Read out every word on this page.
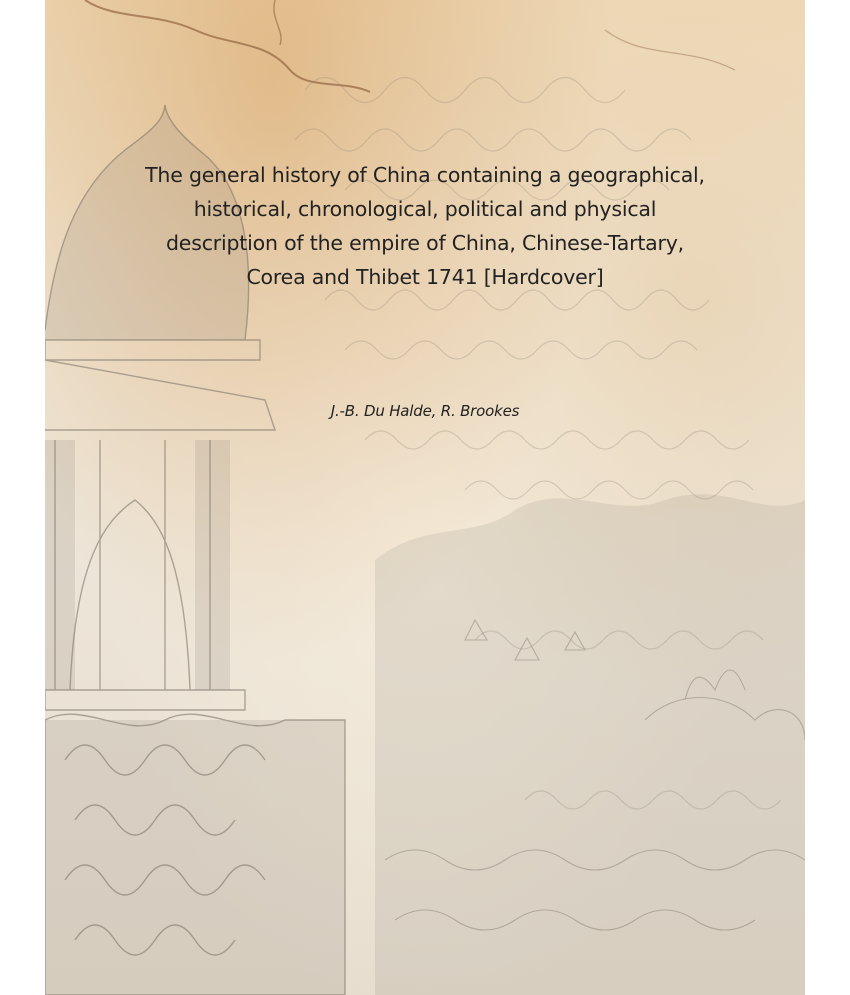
The general history of China containing a geographical, historical, chronological, political and physical description of the empire of China, Chinese-Tartary, Corea and Thibet 1741 [Hardcover]
J.-B. Du Halde, R. Brookes
